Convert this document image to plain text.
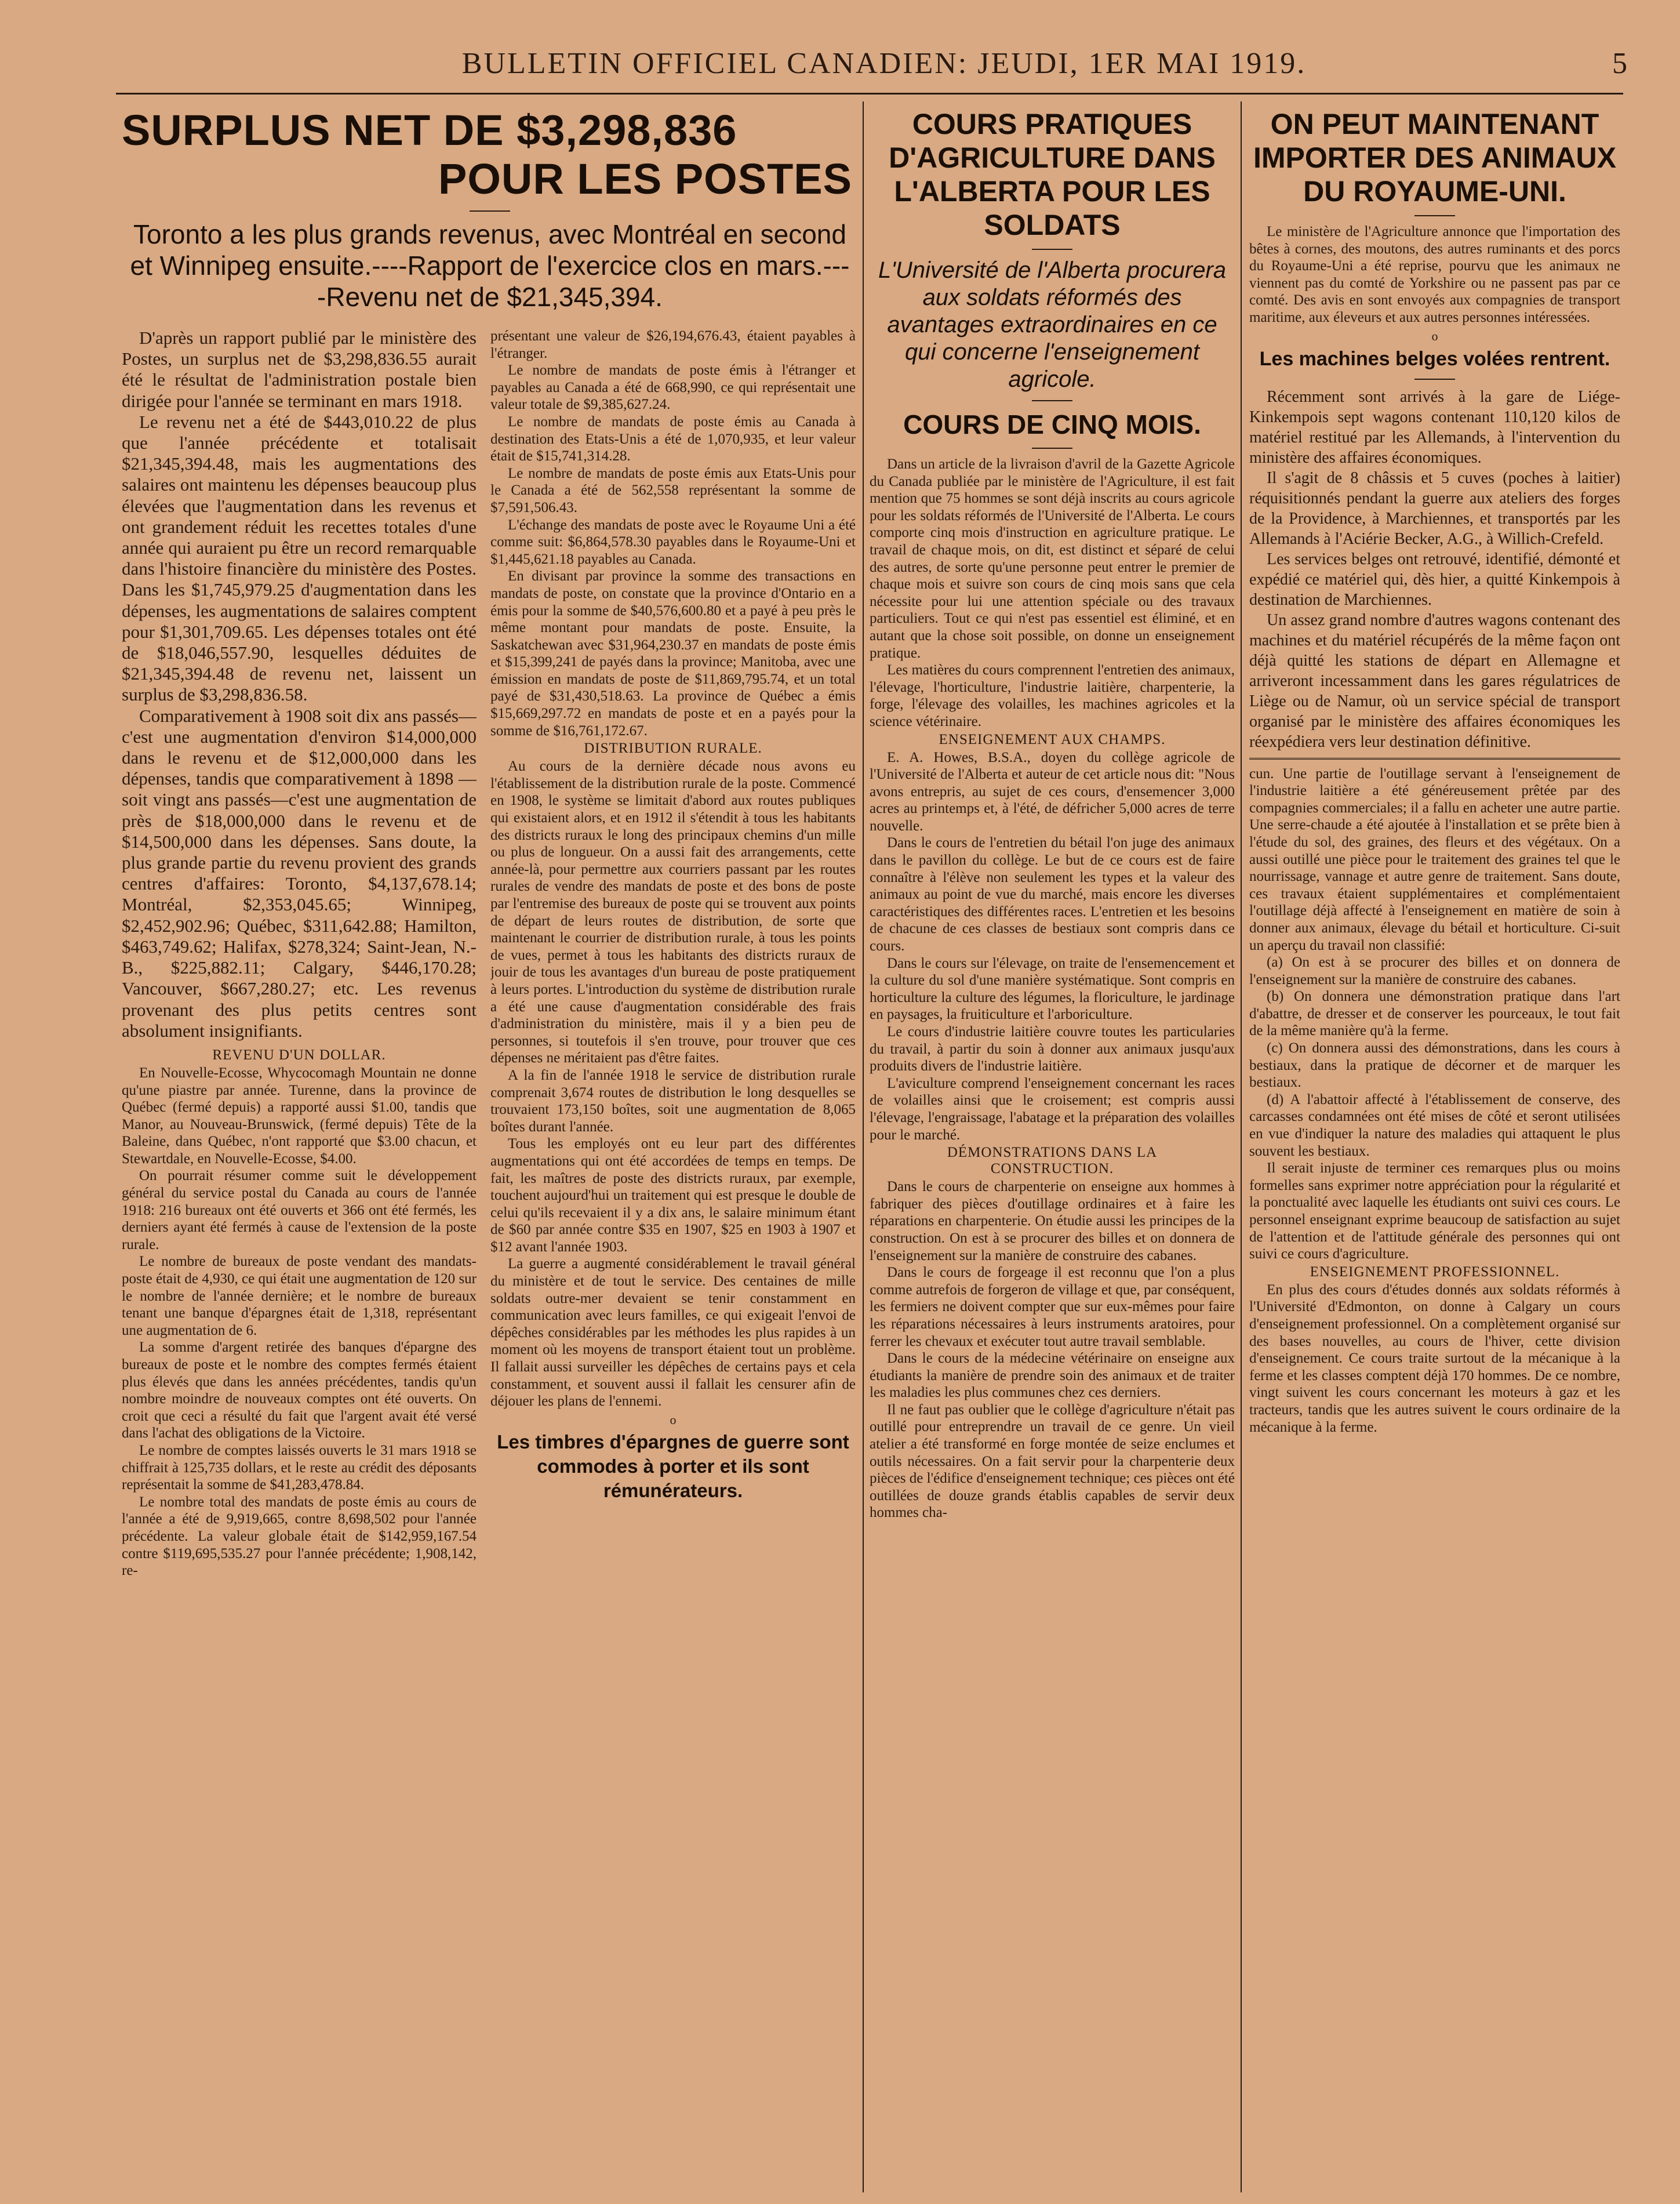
BULLETIN OFFICIEL CANADIEN: JEUDI, 1ER MAI 1919.	5
SURPLUS NET DE $3,298,836
POUR LES POSTES
Toronto a les plus grands revenus, avec Montréal en second et Winnipeg ensuite.----Rapport de l'exercice clos en mars.----Revenu net de $21,345,394.

D'après un rapport publié par le ministère des Postes, un surplus net de $3,298,836.55 aurait été le résultat de l'administration postale bien dirigée pour l'année se terminant en mars 1918.

Le revenu net a été de $443,010.22 de plus que l'année précédente et totalisait $21,345,394.48, mais les augmentations des salaires ont maintenu les dépenses beaucoup plus élevées que l'augmentation dans les revenus et ont grandement réduit les recettes totales d'une année qui auraient pu être un record remarquable dans l'histoire financière du ministère des Postes. Dans les $1,745,979.25 d'augmentation dans les dépenses, les augmentations de salaires comptent pour $1,301,709.65. Les dépenses totales ont été de $18,046,557.90, lesquelles déduites de $21,345,394.48 de revenu net, laissent un surplus de $3,298,836.58.

Comparativement à 1908 soit dix ans passés—c'est une augmentation d'environ $14,000,000 dans le revenu et de $12,000,000 dans les dépenses, tandis que comparativement à 1898 —soit vingt ans passés—c'est une augmentation de près de $18,000,000 dans le revenu et de $14,500,000 dans les dépenses. Sans doute, la plus grande partie du revenu provient des grands centres d'affaires: Toronto, $4,137,678.14; Montréal, $2,353,045.65; Winnipeg, $2,452,902.96; Québec, $311,642.88; Hamilton, $463,749.62; Halifax, $278,324; Saint-Jean, N.-B., $225,882.11; Calgary, $446,170.28; Vancouver, $667,280.27; etc. Les revenus provenant des plus petits centres sont absolument insignifiants.

REVENU D'UN DOLLAR.

En Nouvelle-Ecosse, Whycocomagh Mountain ne donne qu'une piastre par année. Turenne, dans la province de Québec (fermé depuis) a rapporté aussi $1.00, tandis que Manor, au Nouveau-Brunswick, (fermé depuis) Tête de la Baleine, dans Québec, n'ont rapporté que $3.00 chacun, et Stewartdale, en Nouvelle-Ecosse, $4.00.

On pourrait résumer comme suit le développement général du service postal du Canada au cours de l'année 1918: 216 bureaux ont été ouverts et 366 ont été fermés, les derniers ayant été fermés à cause de l'extension de la poste rurale.

Le nombre de bureaux de poste vendant des mandats-poste était de 4,930, ce qui était une augmentation de 120 sur le nombre de l'année dernière; et le nombre de bureaux tenant une banque d'épargnes était de 1,318, représentant une augmentation de 6.

La somme d'argent retirée des banques d'épargne des bureaux de poste et le nombre des comptes fermés étaient plus élevés que dans les années précédentes, tandis qu'un nombre moindre de nouveaux comptes ont été ouverts. On croit que ceci a résulté du fait que l'argent avait été versé dans l'achat des obligations de la Victoire.

Le nombre de comptes laissés ouverts le 31 mars 1918 se chiffrait à 125,735 dollars, et le reste au crédit des déposants représentait la somme de $41,283,478.84.

Le nombre total des mandats de poste émis au cours de l'année a été de 9,919,665, contre 8,698,502 pour l'année précédente. La valeur globale était de $142,959,167.54 contre $119,695,535.27 pour l'année précédente; 1,908,142, re-

présentant une valeur de $26,194,676.43, étaient payables à l'étranger.

Le nombre de mandats de poste émis à l'étranger et payables au Canada a été de 668,990, ce qui représentait une valeur totale de $9,385,627.24.

Le nombre de mandats de poste émis au Canada à destination des Etats-Unis a été de 1,070,935, et leur valeur était de $15,741,314.28.

Le nombre de mandats de poste émis aux Etats-Unis pour le Canada a été de 562,558 représentant la somme de $7,591,506.43.

L'échange des mandats de poste avec le Royaume Uni a été comme suit: $6,864,578.30 payables dans le Royaume-Uni et $1,445,621.18 payables au Canada.

En divisant par province la somme des transactions en mandats de poste, on constate que la province d'Ontario en a émis pour la somme de $40,576,600.80 et a payé à peu près le même montant pour mandats de poste. Ensuite, la Saskatchewan avec $31,964,230.37 en mandats de poste émis et $15,399,241 de payés dans la province; Manitoba, avec une émission en mandats de poste de $11,869,795.74, et un total payé de $31,430,518.63. La province de Québec a émis $15,669,297.72 en mandats de poste et en a payés pour la somme de $16,761,172.67.

DISTRIBUTION RURALE.

Au cours de la dernière décade nous avons eu l'établissement de la distribution rurale de la poste. Commencé en 1908, le système se limitait d'abord aux routes publiques qui existaient alors, et en 1912 il s'étendit à tous les habitants des districts ruraux le long des principaux chemins d'un mille ou plus de longueur. On a aussi fait des arrangements, cette année-là, pour permettre aux courriers passant par les routes rurales de vendre des mandats de poste et des bons de poste par l'entremise des bureaux de poste qui se trouvent aux points de départ de leurs routes de distribution, de sorte que maintenant le courrier de distribution rurale, à tous les points de vues, permet à tous les habitants des districts ruraux de jouir de tous les avantages d'un bureau de poste pratiquement à leurs portes. L'introduction du système de distribution rurale a été une cause d'augmentation considérable des frais d'administration du ministère, mais il y a bien peu de personnes, si toutefois il s'en trouve, pour trouver que ces dépenses ne méritaient pas d'être faites.

A la fin de l'année 1918 le service de distribution rurale comprenait 3,674 routes de distribution le long desquelles se trouvaient 173,150 boîtes, soit une augmentation de 8,065 boîtes durant l'année.

Tous les employés ont eu leur part des différentes augmentations qui ont été accordées de temps en temps. De fait, les maîtres de poste des districts ruraux, par exemple, touchent aujourd'hui un traitement qui est presque le double de celui qu'ils recevaient il y a dix ans, le salaire minimum étant de $60 par année contre $35 en 1907, $25 en 1903 à 1907 et $12 avant l'année 1903.

La guerre a augmenté considérablement le travail général du ministère et de tout le service. Des centaines de mille soldats outre-mer devaient se tenir constamment en communication avec leurs familles, ce qui exigeait l'envoi de dépêches considérables par les méthodes les plus rapides à un moment où les moyens de transport étaient tout un problème. Il fallait aussi surveiller les dépêches de certains pays et cela constamment, et souvent aussi il fallait les censurer afin de déjouer les plans de l'ennemi.

o
Les timbres d'épargnes de guerre sont commodes à porter et ils sont rémunérateurs.
COURS PRATIQUES D'AGRICULTURE DANS L'ALBERTA POUR LES SOLDATS
L'Université de l'Alberta procurera aux soldats réformés des avantages extraordinaires en ce qui concerne l'enseignement agricole.
COURS DE CINQ MOIS.

Dans un article de la livraison d'avril de la Gazette Agricole du Canada publiée par le ministère de l'Agriculture, il est fait mention que 75 hommes se sont déjà inscrits au cours agricole pour les soldats réformés de l'Université de l'Alberta. Le cours comporte cinq mois d'instruction en agriculture pratique. Le travail de chaque mois, on dit, est distinct et séparé de celui des autres, de sorte qu'une personne peut entrer le premier de chaque mois et suivre son cours de cinq mois sans que cela nécessite pour lui une attention spéciale ou des travaux particuliers. Tout ce qui n'est pas essentiel est éliminé, et en autant que la chose soit possible, on donne un enseignement pratique.

Les matières du cours comprennent l'entretien des animaux, l'élevage, l'horticulture, l'industrie laitière, charpenterie, la forge, l'élevage des volailles, les machines agricoles et la science vétérinaire.

ENSEIGNEMENT AUX CHAMPS.

E. A. Howes, B.S.A., doyen du collège agricole de l'Université de l'Alberta et auteur de cet article nous dit: "Nous avons entrepris, au sujet de ces cours, d'ensemencer 3,000 acres au printemps et, à l'été, de défricher 5,000 acres de terre nouvelle.

Dans le cours de l'entretien du bétail l'on juge des animaux dans le pavillon du collège. Le but de ce cours est de faire connaître à l'élève non seulement les types et la valeur des animaux au point de vue du marché, mais encore les diverses caractéristiques des différentes races. L'entretien et les besoins de chacune de ces classes de bestiaux sont compris dans ce cours.

Dans le cours sur l'élevage, on traite de l'ensemencement et la culture du sol d'une manière systématique. Sont compris en horticulture la culture des légumes, la floriculture, le jardinage en paysages, la fruiticulture et l'arboriculture.

Le cours d'industrie laitière couvre toutes les particularies du travail, à partir du soin à donner aux animaux jusqu'aux produits divers de l'industrie laitière.

L'aviculture comprend l'enseignement concernant les races de volailles ainsi que le croisement; est compris aussi l'élevage, l'engraissage, l'abatage et la préparation des volailles pour le marché.

DÉMONSTRATIONS DANS LA CONSTRUCTION.

Dans le cours de charpenterie on enseigne aux hommes à fabriquer des pièces d'outillage ordinaires et à faire les réparations en charpenterie. On étudie aussi les principes de la construction. On est à se procurer des billes et on donnera de l'enseignement sur la manière de construire des cabanes.

Dans le cours de forgeage il est reconnu que l'on a plus comme autrefois de forgeron de village et que, par conséquent, les fermiers ne doivent compter que sur eux-mêmes pour faire les réparations nécessaires à leurs instruments aratoires, pour ferrer les chevaux et exécuter tout autre travail semblable.

Dans le cours de la médecine vétérinaire on enseigne aux étudiants la manière de prendre soin des animaux et de traiter les maladies les plus communes chez ces derniers.

Il ne faut pas oublier que le collège d'agriculture n'était pas outillé pour entreprendre un travail de ce genre. Un vieil atelier a été transformé en forge montée de seize enclumes et outils nécessaires. On a fait servir pour la charpenterie deux pièces de l'édifice d'enseignement technique; ces pièces ont été outillées de douze grands établis capables de servir deux hommes cha-

ON PEUT MAINTENANT IMPORTER DES ANIMAUX DU ROYAUME-UNI.

Le ministère de l'Agriculture annonce que l'importation des bêtes à cornes, des moutons, des autres ruminants et des porcs du Royaume-Uni a été reprise, pourvu que les animaux ne viennent pas du comté de Yorkshire ou ne passent pas par ce comté. Des avis en sont envoyés aux compagnies de transport maritime, aux éleveurs et aux autres personnes intéressées.

o
Les machines belges volées rentrent.

Récemment sont arrivés à la gare de Liége-Kinkempois sept wagons contenant 110,120 kilos de matériel restitué par les Allemands, à l'intervention du ministère des affaires économiques.

Il s'agit de 8 châssis et 5 cuves (poches à laitier) réquisitionnés pendant la guerre aux ateliers des forges de la Providence, à Marchiennes, et transportés par les Allemands à l'Aciérie Becker, A.G., à Willich-Crefeld.

Les services belges ont retrouvé, identifié, démonté et expédié ce matériel qui, dès hier, a quitté Kinkempois à destination de Marchiennes.

Un assez grand nombre d'autres wagons contenant des machines et du matériel récupérés de la même façon ont déjà quitté les stations de départ en Allemagne et arriveront incessamment dans les gares régulatrices de Liège ou de Namur, où un service spécial de transport organisé par le ministère des affaires économiques les réexpédiera vers leur destination définitive.

cun. Une partie de l'outillage servant à l'enseignement de l'industrie laitière a été généreusement prêtée par des compagnies commerciales; il a fallu en acheter une autre partie. Une serre-chaude a été ajoutée à l'installation et se prête bien à l'étude du sol, des graines, des fleurs et des végétaux. On a aussi outillé une pièce pour le traitement des graines tel que le nourrissage, vannage et autre genre de traitement. Sans doute, ces travaux étaient supplémentaires et complémentaient l'outillage déjà affecté à l'enseignement en matière de soin à donner aux animaux, élevage du bétail et horticulture. Ci-suit un aperçu du travail non classifié:

(a) On est à se procurer des billes et on donnera de l'enseignement sur la manière de construire des cabanes.

(b) On donnera une démonstration pratique dans l'art d'abattre, de dresser et de conserver les pourceaux, le tout fait de la même manière qu'à la ferme.

(c) On donnera aussi des démonstrations, dans les cours à bestiaux, dans la pratique de décorner et de marquer les bestiaux.

(d) A l'abattoir affecté à l'établissement de conserve, des carcasses condamnées ont été mises de côté et seront utilisées en vue d'indiquer la nature des maladies qui attaquent le plus souvent les bestiaux.

Il serait injuste de terminer ces remarques plus ou moins formelles sans exprimer notre appréciation pour la régularité et la ponctualité avec laquelle les étudiants ont suivi ces cours. Le personnel enseignant exprime beaucoup de satisfaction au sujet de l'attention et de l'attitude générale des personnes qui ont suivi ce cours d'agriculture.

ENSEIGNEMENT PROFESSIONNEL.

En plus des cours d'études donnés aux soldats réformés à l'Université d'Edmonton, on donne à Calgary un cours d'enseignement professionnel. On a complètement organisé sur des bases nouvelles, au cours de l'hiver, cette division d'enseignement. Ce cours traite surtout de la mécanique à la ferme et les classes comptent déjà 170 hommes. De ce nombre, vingt suivent les cours concernant les moteurs à gaz et les tracteurs, tandis que les autres suivent le cours ordinaire de la mécanique à la ferme.
